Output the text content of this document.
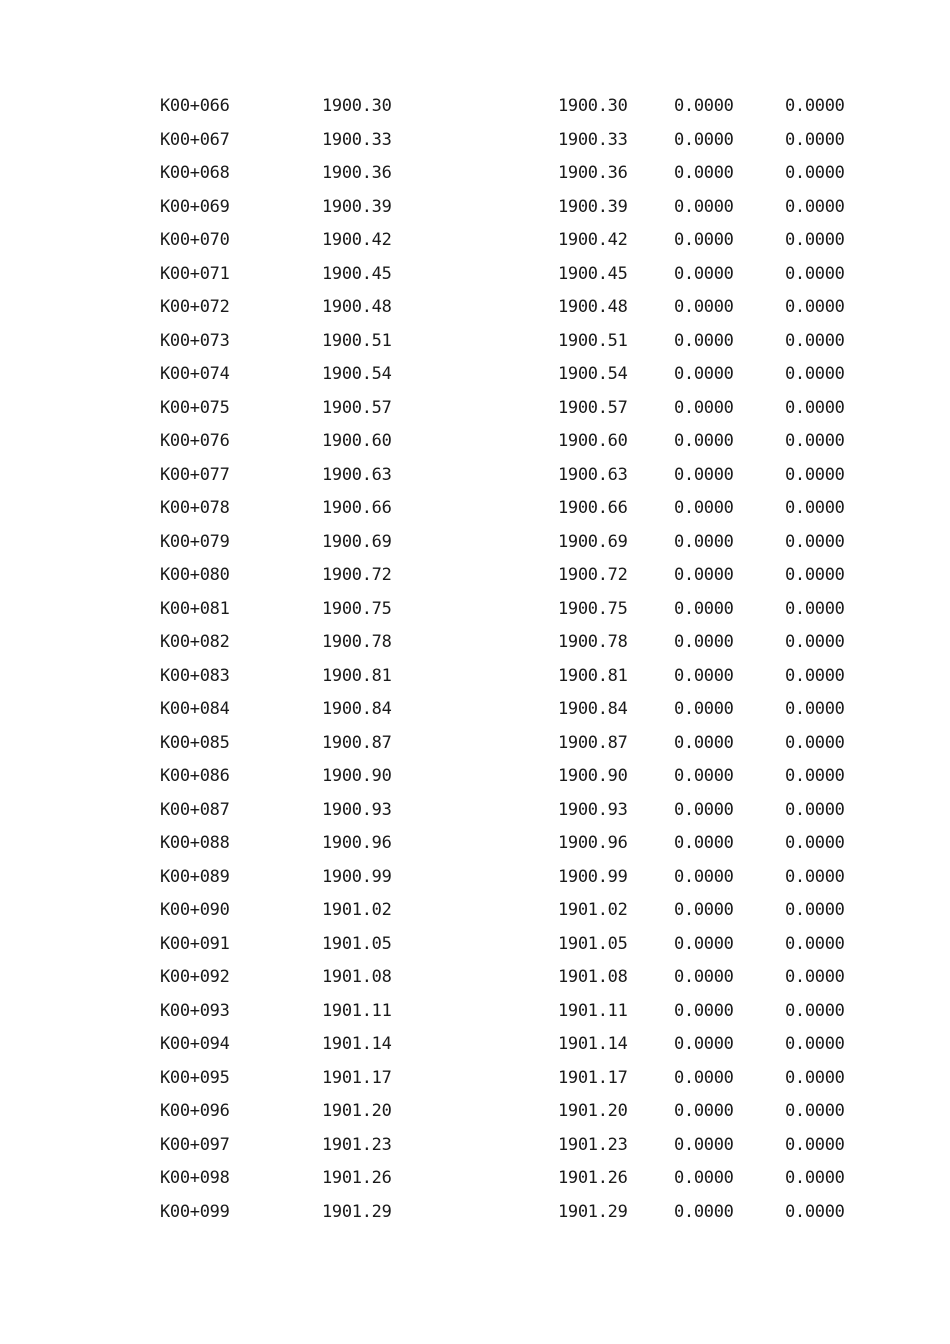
K00+066	1900.30	1900.30	0.0000	0.0000
K00+067	1900.33	1900.33	0.0000	0.0000
K00+068	1900.36	1900.36	0.0000	0.0000
K00+069	1900.39	1900.39	0.0000	0.0000
K00+070	1900.42	1900.42	0.0000	0.0000
K00+071	1900.45	1900.45	0.0000	0.0000
K00+072	1900.48	1900.48	0.0000	0.0000
K00+073	1900.51	1900.51	0.0000	0.0000
K00+074	1900.54	1900.54	0.0000	0.0000
K00+075	1900.57	1900.57	0.0000	0.0000
K00+076	1900.60	1900.60	0.0000	0.0000
K00+077	1900.63	1900.63	0.0000	0.0000
K00+078	1900.66	1900.66	0.0000	0.0000
K00+079	1900.69	1900.69	0.0000	0.0000
K00+080	1900.72	1900.72	0.0000	0.0000
K00+081	1900.75	1900.75	0.0000	0.0000
K00+082	1900.78	1900.78	0.0000	0.0000
K00+083	1900.81	1900.81	0.0000	0.0000
K00+084	1900.84	1900.84	0.0000	0.0000
K00+085	1900.87	1900.87	0.0000	0.0000
K00+086	1900.90	1900.90	0.0000	0.0000
K00+087	1900.93	1900.93	0.0000	0.0000
K00+088	1900.96	1900.96	0.0000	0.0000
K00+089	1900.99	1900.99	0.0000	0.0000
K00+090	1901.02	1901.02	0.0000	0.0000
K00+091	1901.05	1901.05	0.0000	0.0000
K00+092	1901.08	1901.08	0.0000	0.0000
K00+093	1901.11	1901.11	0.0000	0.0000
K00+094	1901.14	1901.14	0.0000	0.0000
K00+095	1901.17	1901.17	0.0000	0.0000
K00+096	1901.20	1901.20	0.0000	0.0000
K00+097	1901.23	1901.23	0.0000	0.0000
K00+098	1901.26	1901.26	0.0000	0.0000
K00+099	1901.29	1901.29	0.0000	0.0000
